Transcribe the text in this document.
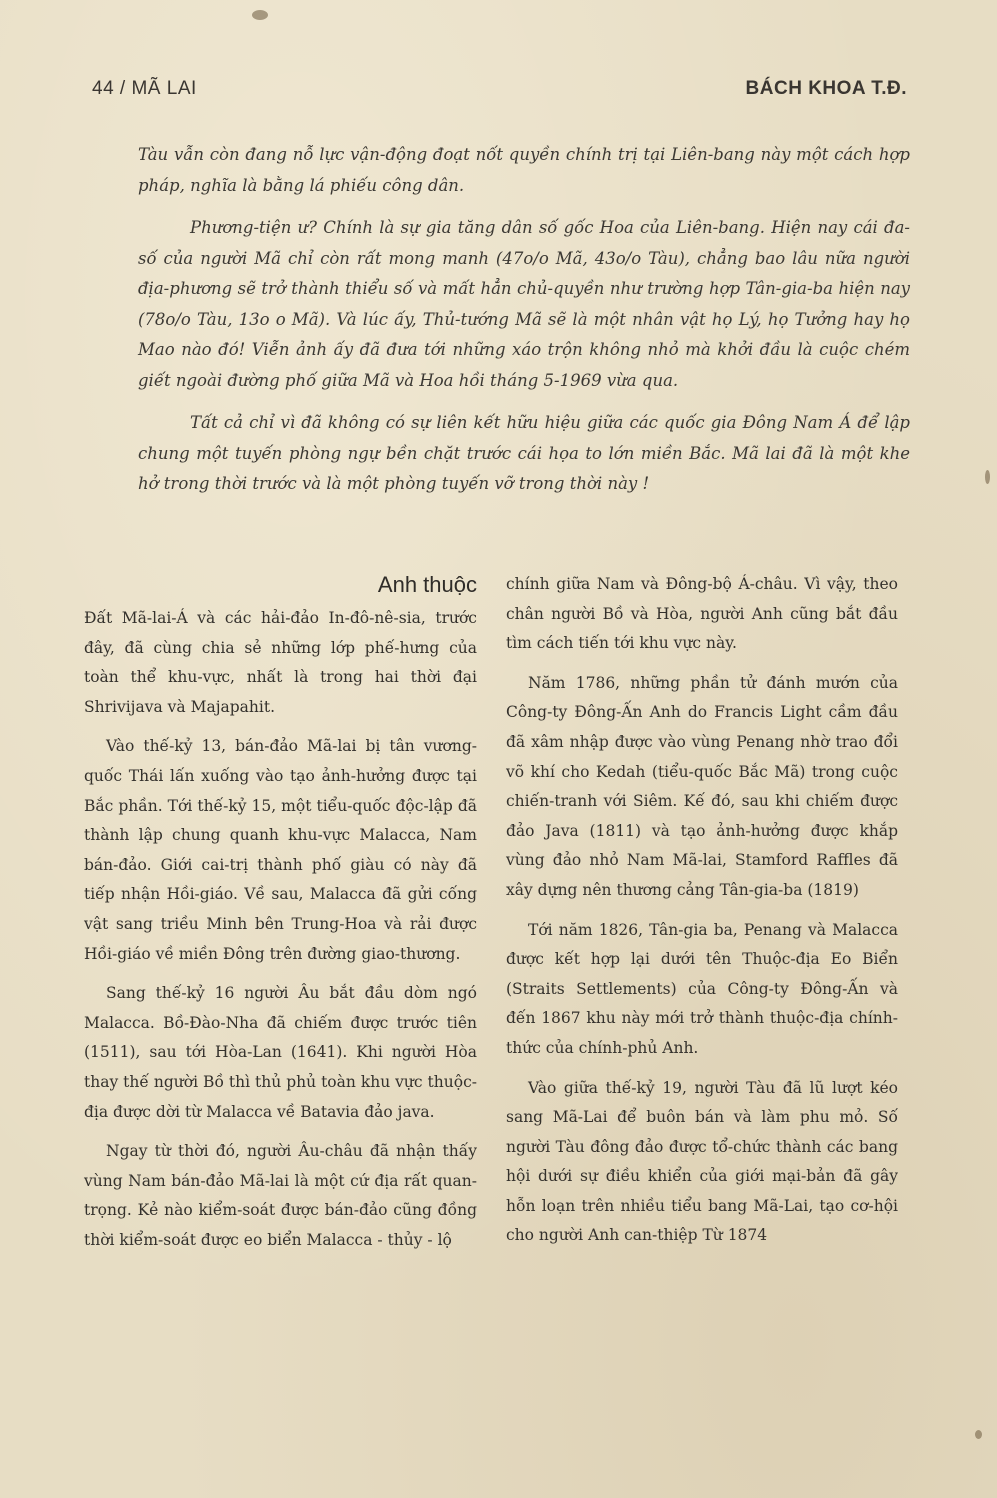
44 / MÃ LAI	BÁCH KHOA T.Đ.

Tàu vẫn còn đang nỗ lực vận-động đoạt nốt quyền chính trị tại Liên-bang này một cách hợp pháp, nghĩa là bằng lá phiếu công dân.

Phương-tiện ư? Chính là sự gia tăng dân số gốc Hoa của Liên-bang. Hiện nay cái đa-số của người Mã chỉ còn rất mong manh (47o/o Mã, 43o/o Tàu), chẳng bao lâu nữa người địa-phương sẽ trở thành thiểu số và mất hẳn chủ-quyền như trường hợp Tân-gia-ba hiện nay (78o/o Tàu, 13o o Mã). Và lúc ấy, Thủ-tướng Mã sẽ là một nhân vật họ Lý, họ Tưởng hay họ Mao nào đó! Viễn ảnh ấy đã đưa tới những xáo trộn không nhỏ mà khởi đầu là cuộc chém giết ngoài đường phố giữa Mã và Hoa hồi tháng 5-1969 vừa qua.

Tất cả chỉ vì đã không có sự liên kết hữu hiệu giữa các quốc gia Đông Nam Á để lập chung một tuyến phòng ngự bền chặt trước cái họa to lớn miền Bắc. Mã lai đã là một khe hở trong thời trước và là một phòng tuyến vỡ trong thời này !

Anh thuộc

Đất Mã-lai-Á và các hải-đảo In-đô-nê-sia, trước đây, đã cùng chia sẻ những lớp phế-hưng của toàn thể khu-vực, nhất là trong hai thời đại Shrivijava và Majapahit.

Vào thế-kỷ 13, bán-đảo Mã-lai bị tân vương-quốc Thái lấn xuống vào tạo ảnh-hưởng được tại Bắc phần. Tới thế-kỷ 15, một tiểu-quốc độc-lập đã thành lập chung quanh khu-vực Malacca, Nam bán-đảo. Giới cai-trị thành phố giàu có này đã tiếp nhận Hồi-giáo. Về sau, Malacca đã gửi cống vật sang triều Minh bên Trung-Hoa và rải được Hồi-giáo về miền Đông trên đường giao-thương.

Sang thế-kỷ 16 người Âu bắt đầu dòm ngó Malacca. Bồ-Đào-Nha đã chiếm được trước tiên (1511), sau tới Hòa-Lan (1641). Khi người Hòa thay thế người Bồ thì thủ phủ toàn khu vực thuộc-địa được dời từ Malacca về Batavia đảo java.

Ngay từ thời đó, người Âu-châu đã nhận thấy vùng Nam bán-đảo Mã-lai là một cứ địa rất quan-trọng. Kẻ nào kiểm-soát được bán-đảo cũng đồng thời kiểm-soát được eo biển Malacca - thủy - lộ

chính giữa Nam và Đông-bộ Á-châu. Vì vậy, theo chân người Bồ và Hòa, người Anh cũng bắt đầu tìm cách tiến tới khu vực này.

Năm 1786, những phần tử đánh mướn của Công-ty Đông-Ấn Anh do Francis Light cầm đầu đã xâm nhập được vào vùng Penang nhờ trao đổi võ khí cho Kedah (tiểu-quốc Bắc Mã) trong cuộc chiến-tranh với Siêm. Kế đó, sau khi chiếm được đảo Java (1811) và tạo ảnh-hưởng được khắp vùng đảo nhỏ Nam Mã-lai, Stamford Raffles đã xây dựng nên thương cảng Tân-gia-ba (1819)

Tới năm 1826, Tân-gia ba, Penang và Malacca được kết hợp lại dưới tên Thuộc-địa Eo Biển (Straits Settlements) của Công-ty Đông-Ấn và đến 1867 khu này mới trở thành thuộc-địa chính-thức của chính-phủ Anh.

Vào giữa thế-kỷ 19, người Tàu đã lũ lượt kéo sang Mã-Lai để buôn bán và làm phu mỏ. Số người Tàu đông đảo được tổ-chức thành các bang hội dưới sự điều khiển của giới mại-bản đã gây hỗn loạn trên nhiều tiểu bang Mã-Lai, tạo cơ-hội cho người Anh can-thiệp Từ 1874
